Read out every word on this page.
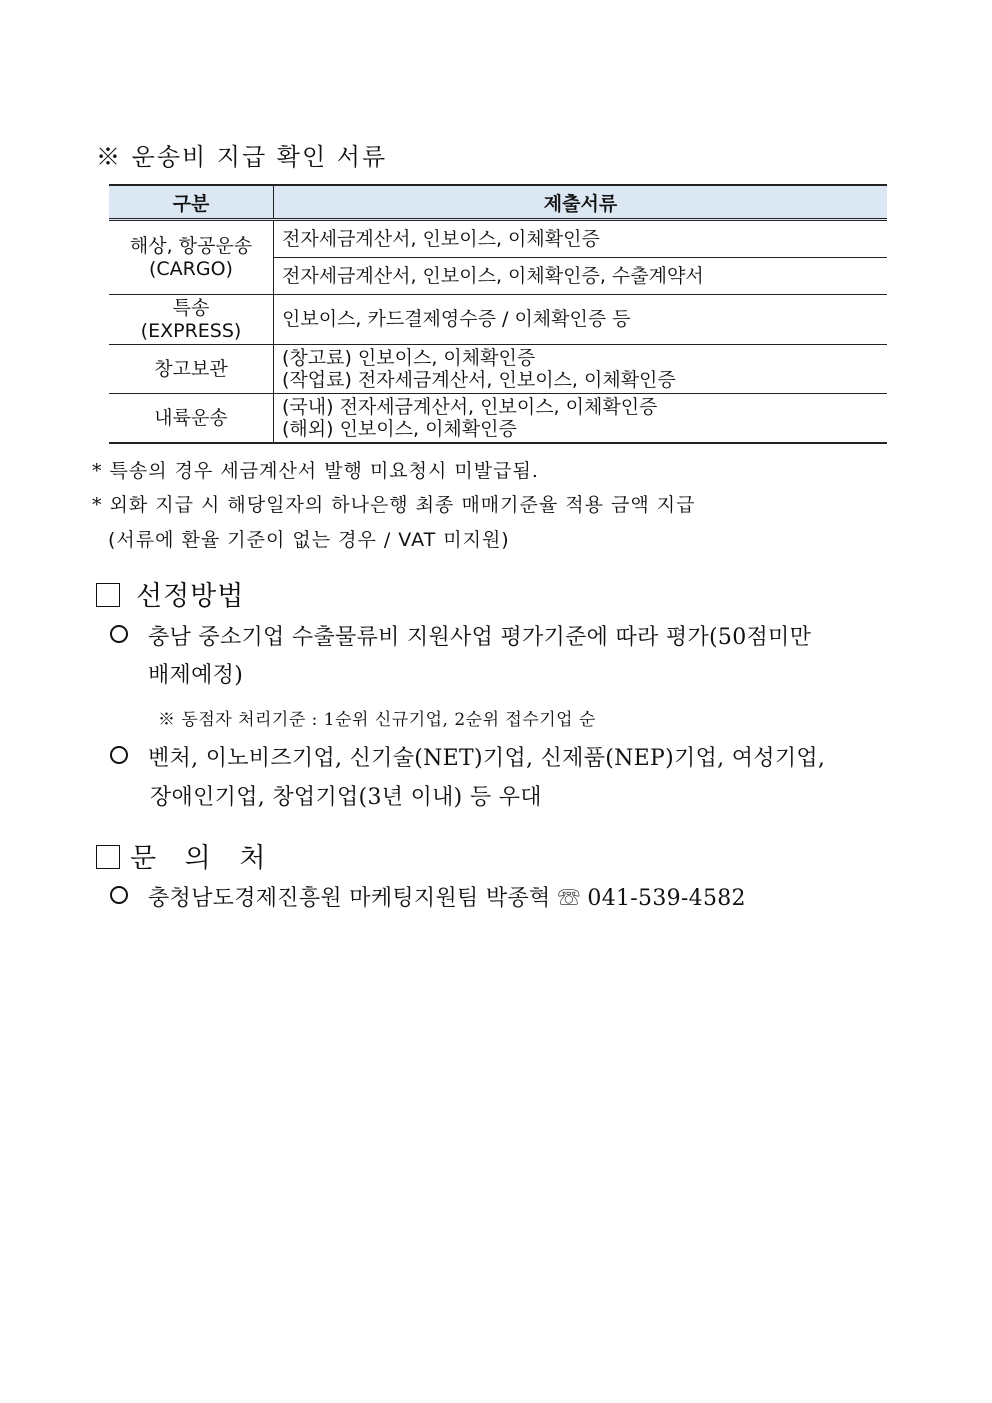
※ 운송비 지급 확인 서류
구분	제출서류

해상, 항공운송
(CARGO)	전자세금계산서, 인보이스, 이체확인증
	전자세금계산서, 인보이스, 이체확인증, 수출계약서

특송
(EXPRESS)	인보이스, 카드결제영수증 / 이체확인증 등

창고보관	(창고료) 인보이스, 이체확인증
(작업료) 전자세금계산서, 인보이스, 이체확인증

내륙운송	(국내) 전자세금계산서, 인보이스, 이체확인증
(해외) 인보이스, 이체확인증
* 특송의 경우 세금계산서 발행 미요청시 미발급됨.
* 외화 지급 시 해당일자의 하나은행 최종 매매기준율 적용 금액 지급
(서류에 환율 기준이 없는 경우 / VAT 미지원)
선정방법
충남 중소기업 수출물류비 지원사업 평가기준에 따라 평가(50점미만
배제예정)
※ 동점자 처리기준 : 1순위 신규기업, 2순위 접수기업 순
벤처, 이노비즈기업, 신기술(NET)기업, 신제품(NEP)기업, 여성기업,
장애인기업, 창업기업(3년 이내) 등 우대
문 의 처
충청남도경제진흥원 마케팅지원팀 박종혁 ☏ 041-539-4582
